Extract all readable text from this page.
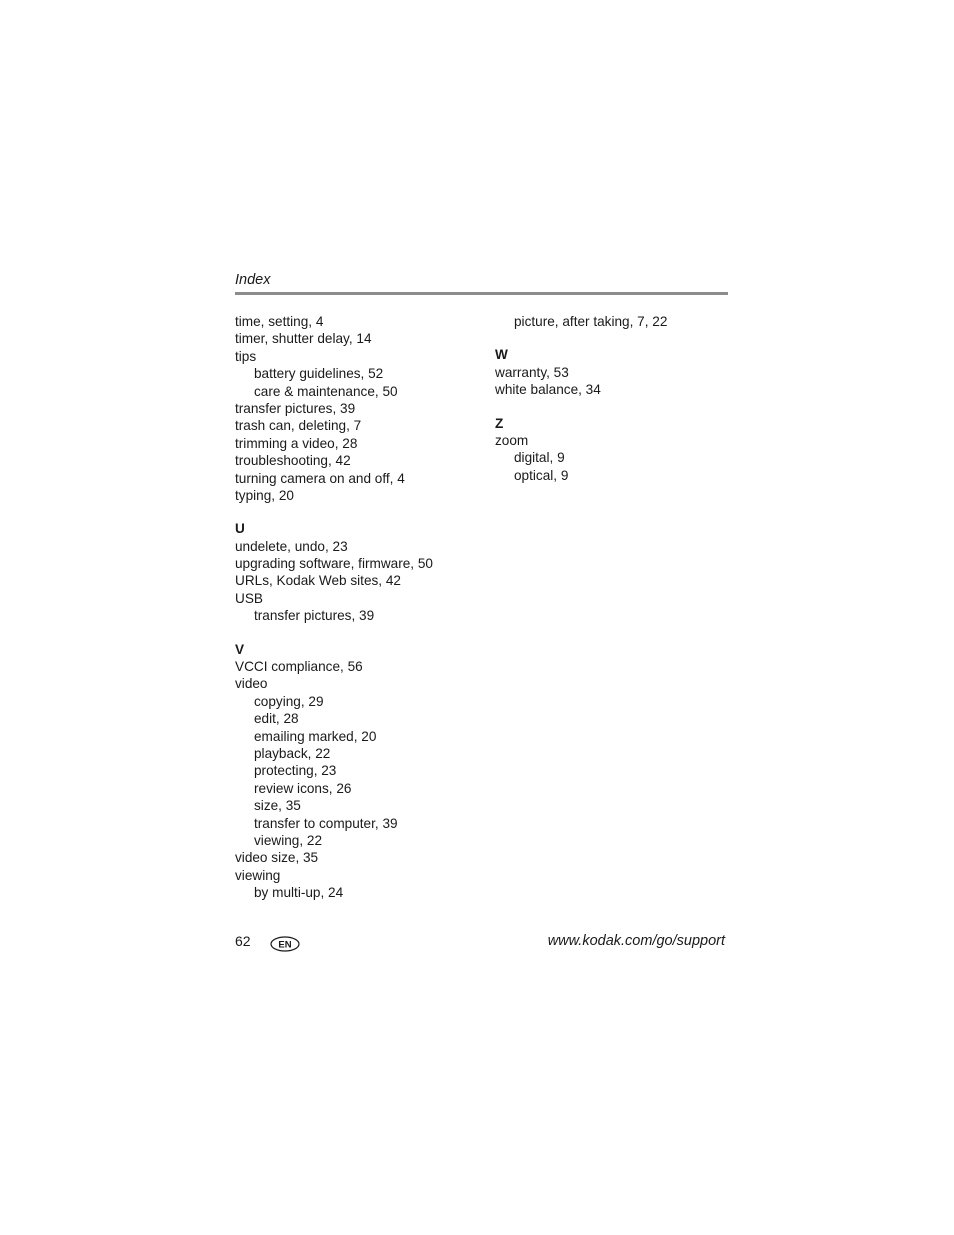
Index
time, setting, 4
timer, shutter delay, 14
tips
battery guidelines, 52
care & maintenance, 50
transfer pictures, 39
trash can, deleting, 7
trimming a video, 28
troubleshooting, 42
turning camera on and off, 4
typing, 20
U
undelete, undo, 23
upgrading software, firmware, 50
URLs, Kodak Web sites, 42
USB
transfer pictures, 39
V
VCCI compliance, 56
video
copying, 29
edit, 28
emailing marked, 20
playback, 22
protecting, 23
review icons, 26
size, 35
transfer to computer, 39
viewing, 22
video size, 35
viewing
by multi-up, 24
picture, after taking, 7, 22
W
warranty, 53
white balance, 34
Z
zoom
digital, 9
optical, 9
62	EN	www.kodak.com/go/support
